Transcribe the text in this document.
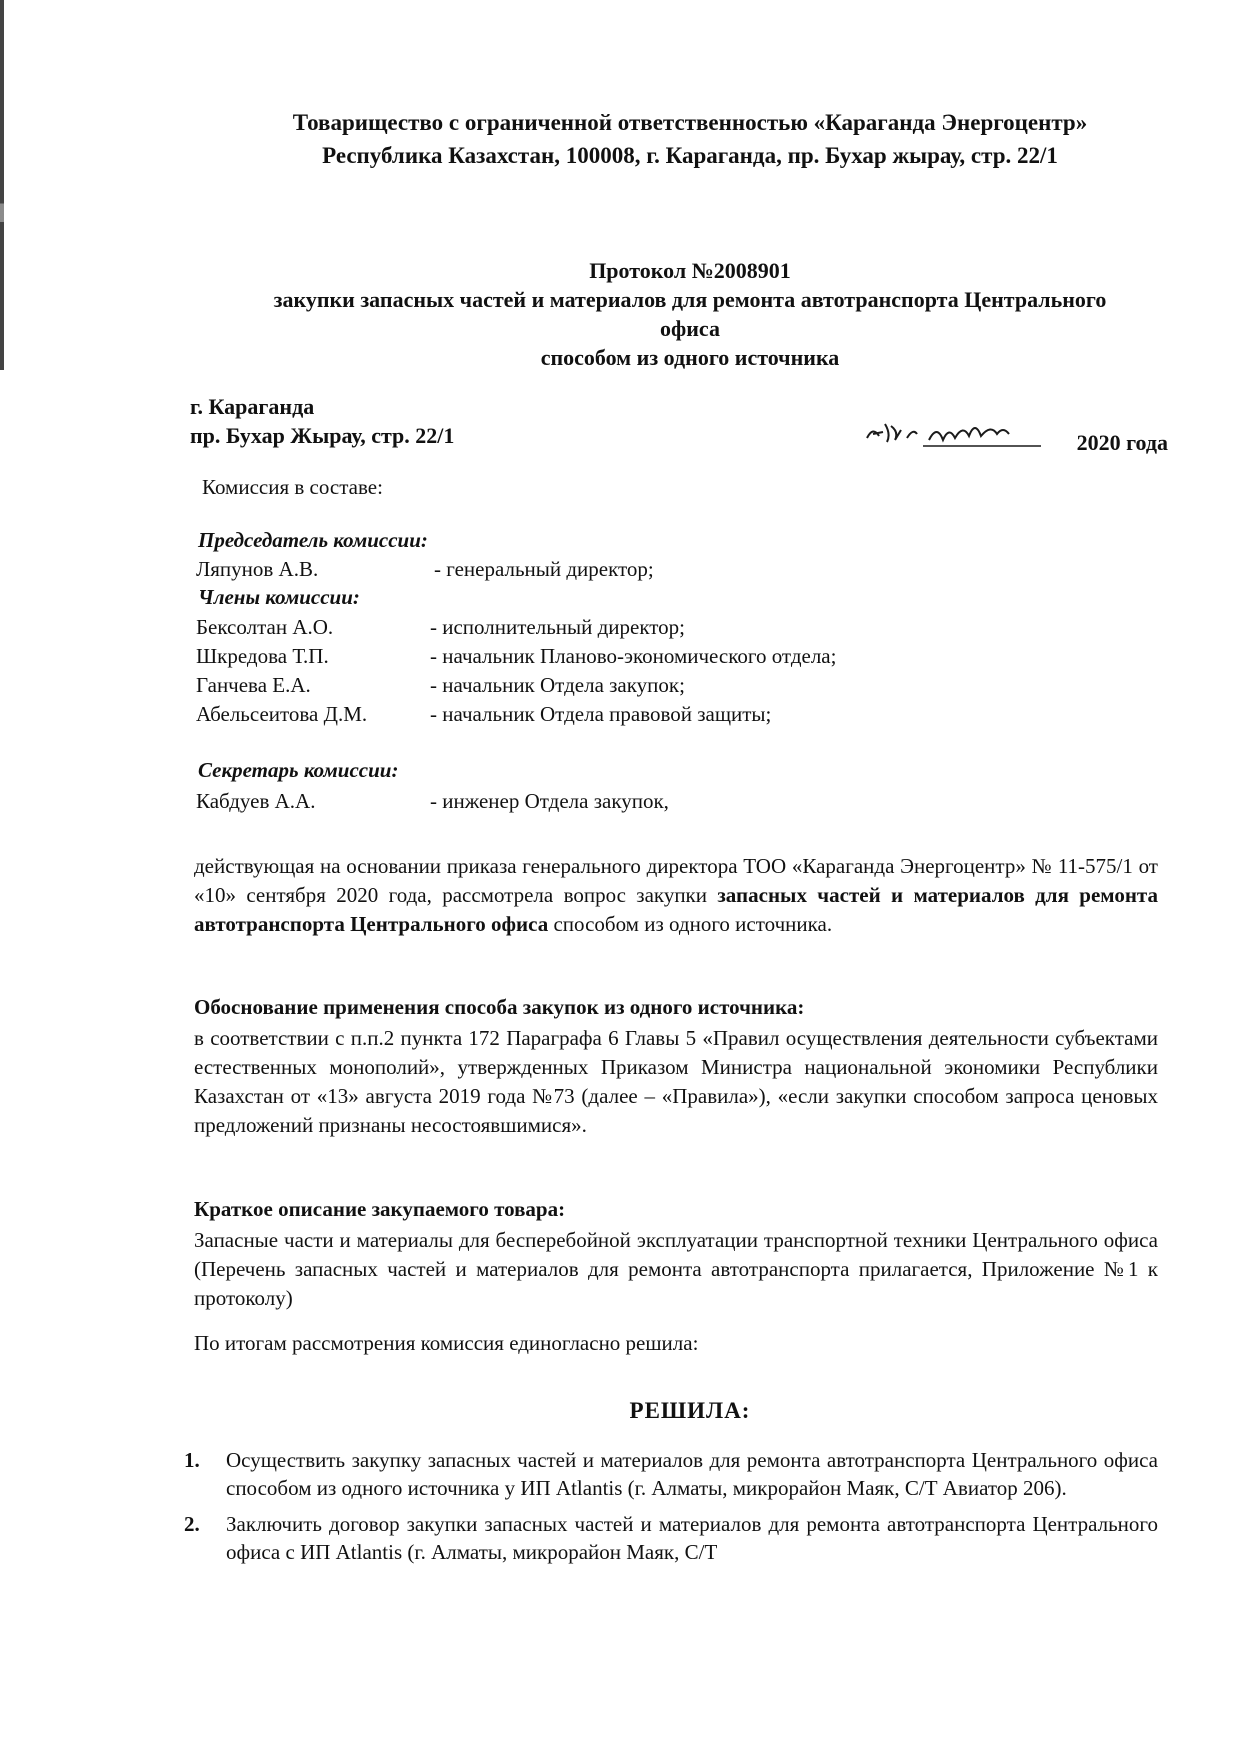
Товарищество с ограниченной ответственностью «Караганда Энергоцентр»
Республика Казахстан, 100008, г. Караганда, пр. Бухар жырау, стр. 22/1
Протокол №2008901
закупки запасных частей и материалов для ремонта автотранспорта Центрального
офиса
способом из одного источника
г. Караганда
пр. Бухар Жырау, стр. 22/1	2020 года
Комиссия в составе:
Председатель комиссии:
Ляпунов А.В.	- генеральный директор;
Члены комиссии:
Бексолтан А.О.	- исполнительный директор;
Шкредова Т.П.	- начальник Планово-экономического отдела;
Ганчева Е.А.	- начальник Отдела закупок;
Абельсеитова Д.М.	- начальник Отдела правовой защиты;
Секретарь комиссии:
Кабдуев А.А.	- инженер Отдела закупок,
действующая на основании приказа генерального директора ТОО «Караганда Энергоцентр» № 11-575/1 от «10» сентября 2020 года, рассмотрела вопрос закупки запасных частей и материалов для ремонта автотранспорта Центрального офиса способом из одного источника.
Обоснование применения способа закупок из одного источника:
в соответствии с п.п.2 пункта 172 Параграфа 6 Главы 5 «Правил осуществления деятельности субъектами естественных монополий», утвержденных Приказом Министра национальной экономики Республики Казахстан от «13» августа 2019 года №73 (далее – «Правила»), «если закупки способом запроса ценовых предложений признаны несостоявшимися».
Краткое описание закупаемого товара:
Запасные части и материалы для бесперебойной эксплуатации транспортной техники Центрального офиса (Перечень запасных частей и материалов для ремонта автотранспорта прилагается, Приложение №1 к протоколу)
По итогам рассмотрения комиссия единогласно решила:
РЕШИЛА:
1.	Осуществить закупку запасных частей и материалов для ремонта автотранспорта Центрального офиса способом из одного источника у ИП Atlantis (г. Алматы, микрорайон Маяк, С/Т Авиатор 206).
2.	Заключить договор закупки запасных частей и материалов для ремонта автотранспорта Центрального офиса с ИП Atlantis (г. Алматы, микрорайон Маяк, С/Т
